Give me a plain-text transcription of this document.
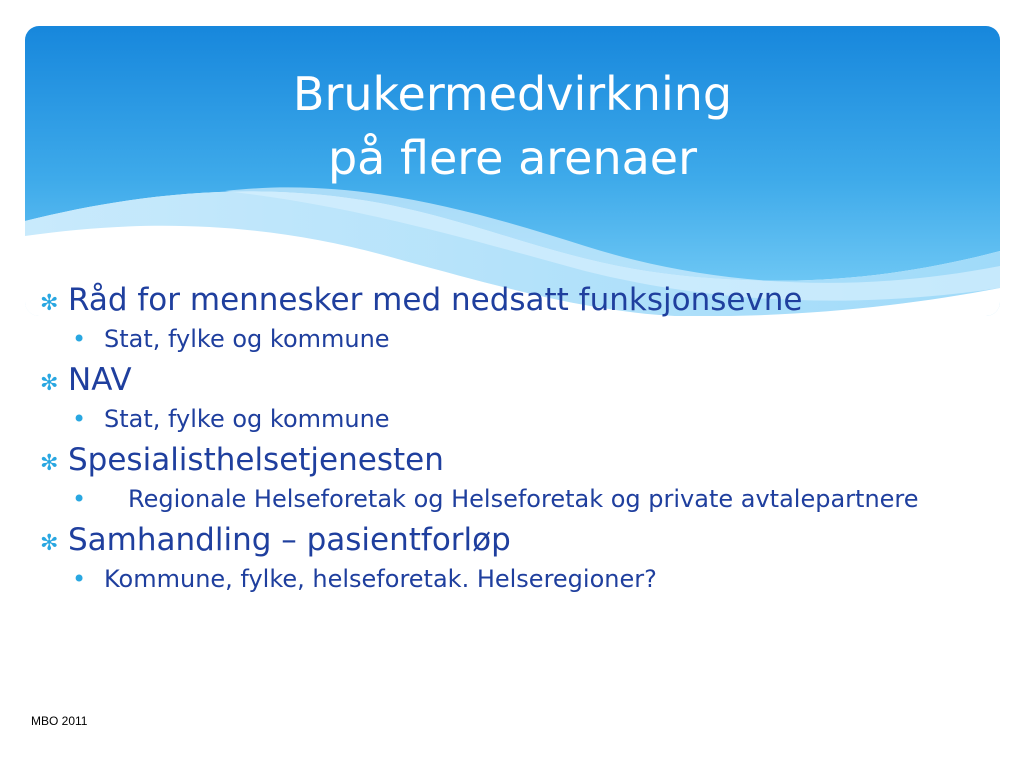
Brukermedvirkning
på flere arenaer
✻ Råd for mennesker med nedsatt funksjonsevne
• Stat, fylke og kommune
✻ NAV
• Stat, fylke og kommune
✻ Spesialisthelsetjenesten
•	Regionale Helseforetak og Helseforetak og private avtalepartnere
✻ Samhandling – pasientforløp
• Kommune, fylke, helseforetak. Helseregioner?
MBO 2011
